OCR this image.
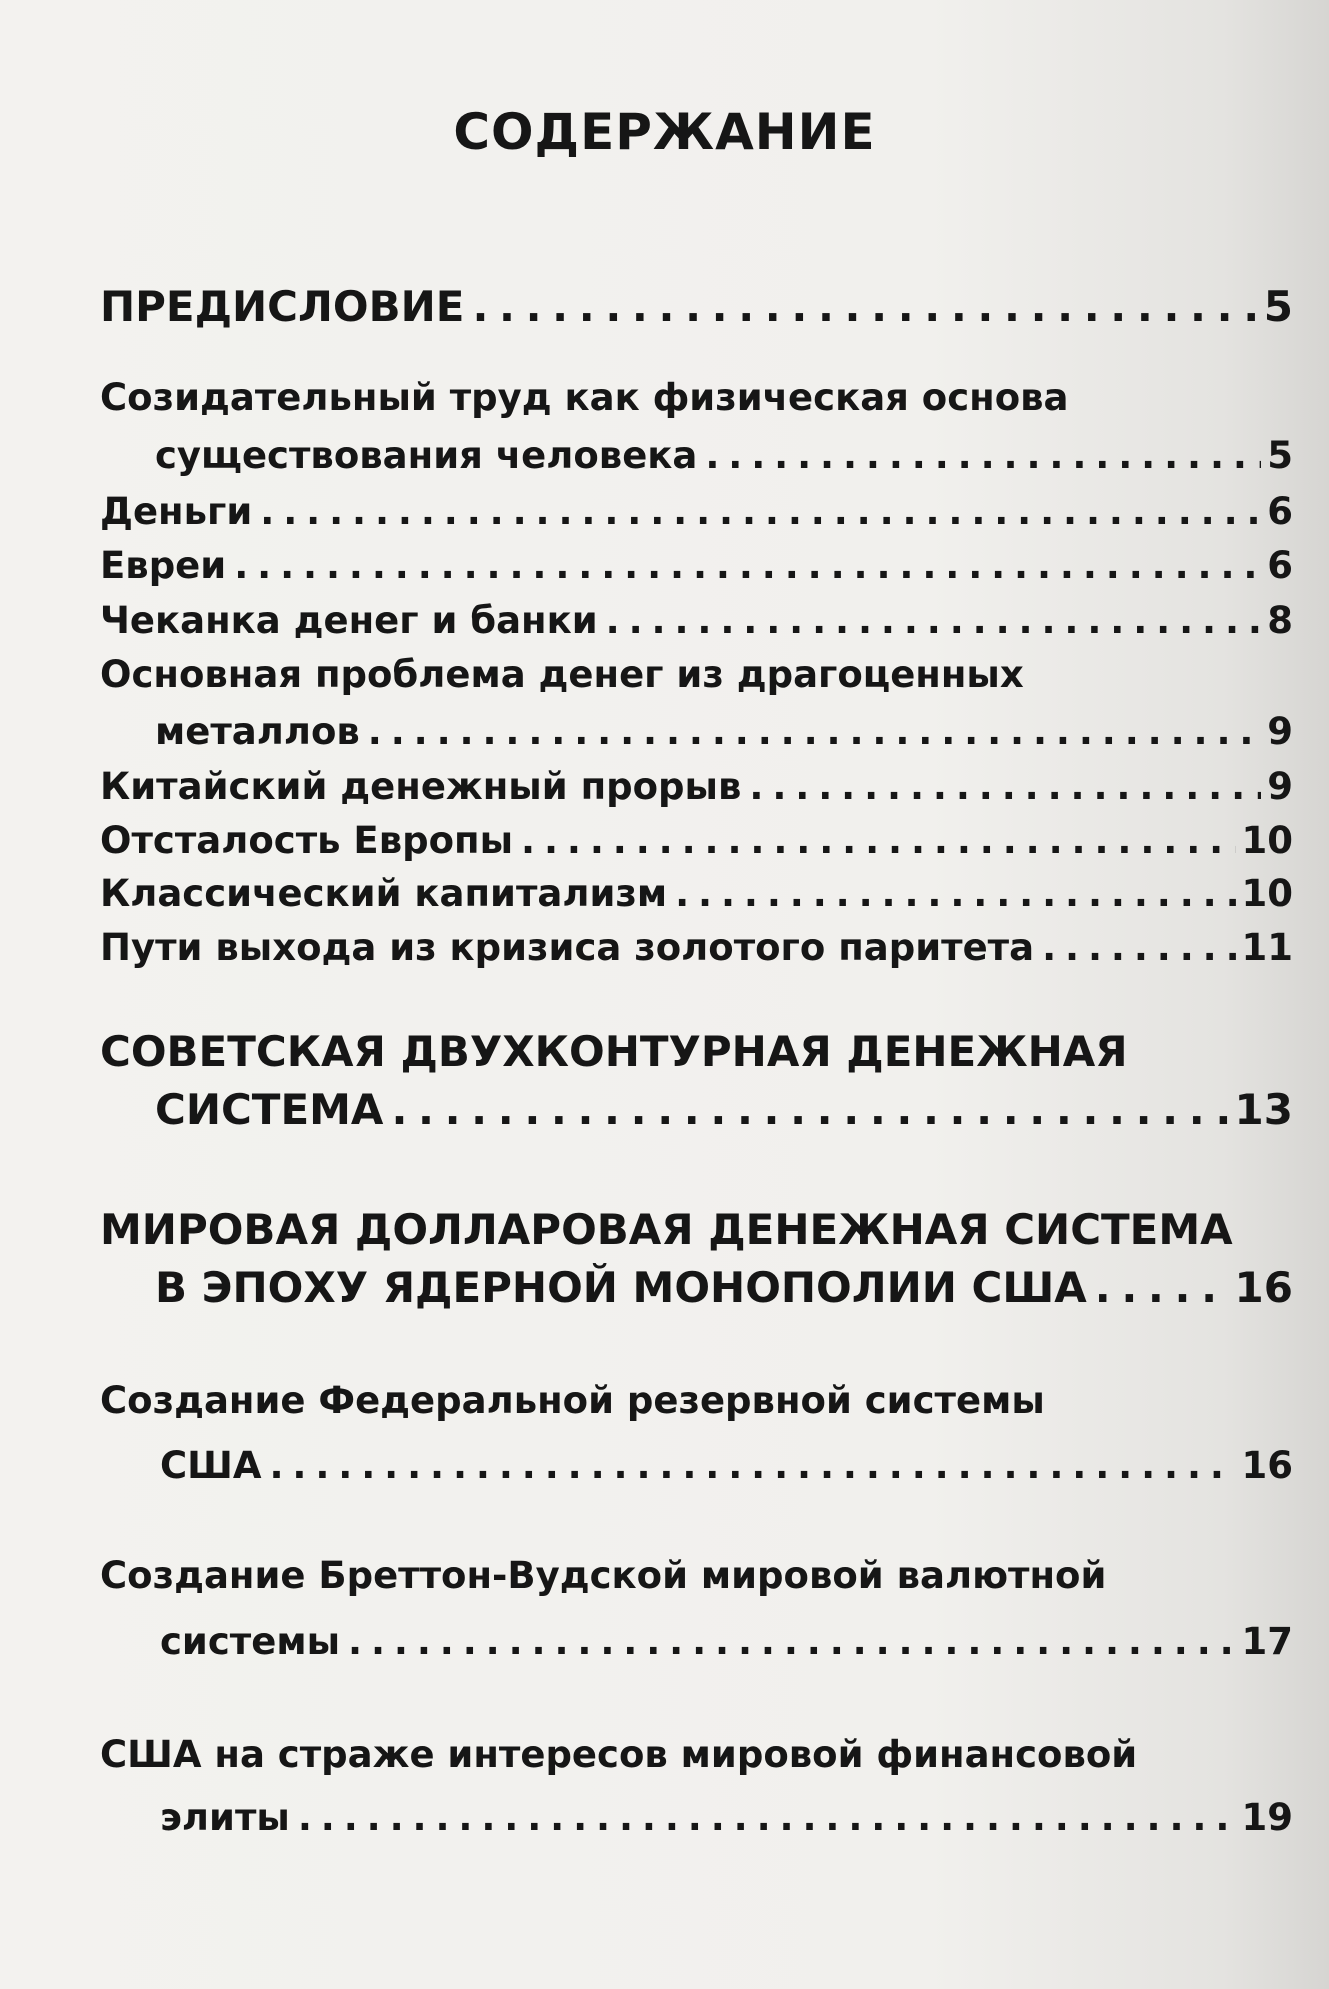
СОДЕРЖАНИЕ
ПРЕДИСЛОВИЕ . . .	5
Созидательный труд как физическая основа
существования человека . . .	5
Деньги . . .	6
Евреи . . .	6
Чеканка денег и банки . . .	8
Основная проблема денег из драгоценных
металлов . . .	9
Китайский денежный прорыв . . .	9
Отсталость Европы . . .	10
Классический капитализм . . .	10
Пути выхода из кризиса золотого паритета . . .	11
СОВЕТСКАЯ ДВУХКОНТУРНАЯ ДЕНЕЖНАЯ
СИСТЕМА . . .	13
МИРОВАЯ ДОЛЛАРОВАЯ ДЕНЕЖНАЯ СИСТЕМА
В ЭПОХУ ЯДЕРНОЙ МОНОПОЛИИ США . . .	16
Создание Федеральной резервной системы
США . . .	16
Создание Бреттон-Вудской мировой валютной
системы . . .	17
США на страже интересов мировой финансовой
элиты . . .	19
